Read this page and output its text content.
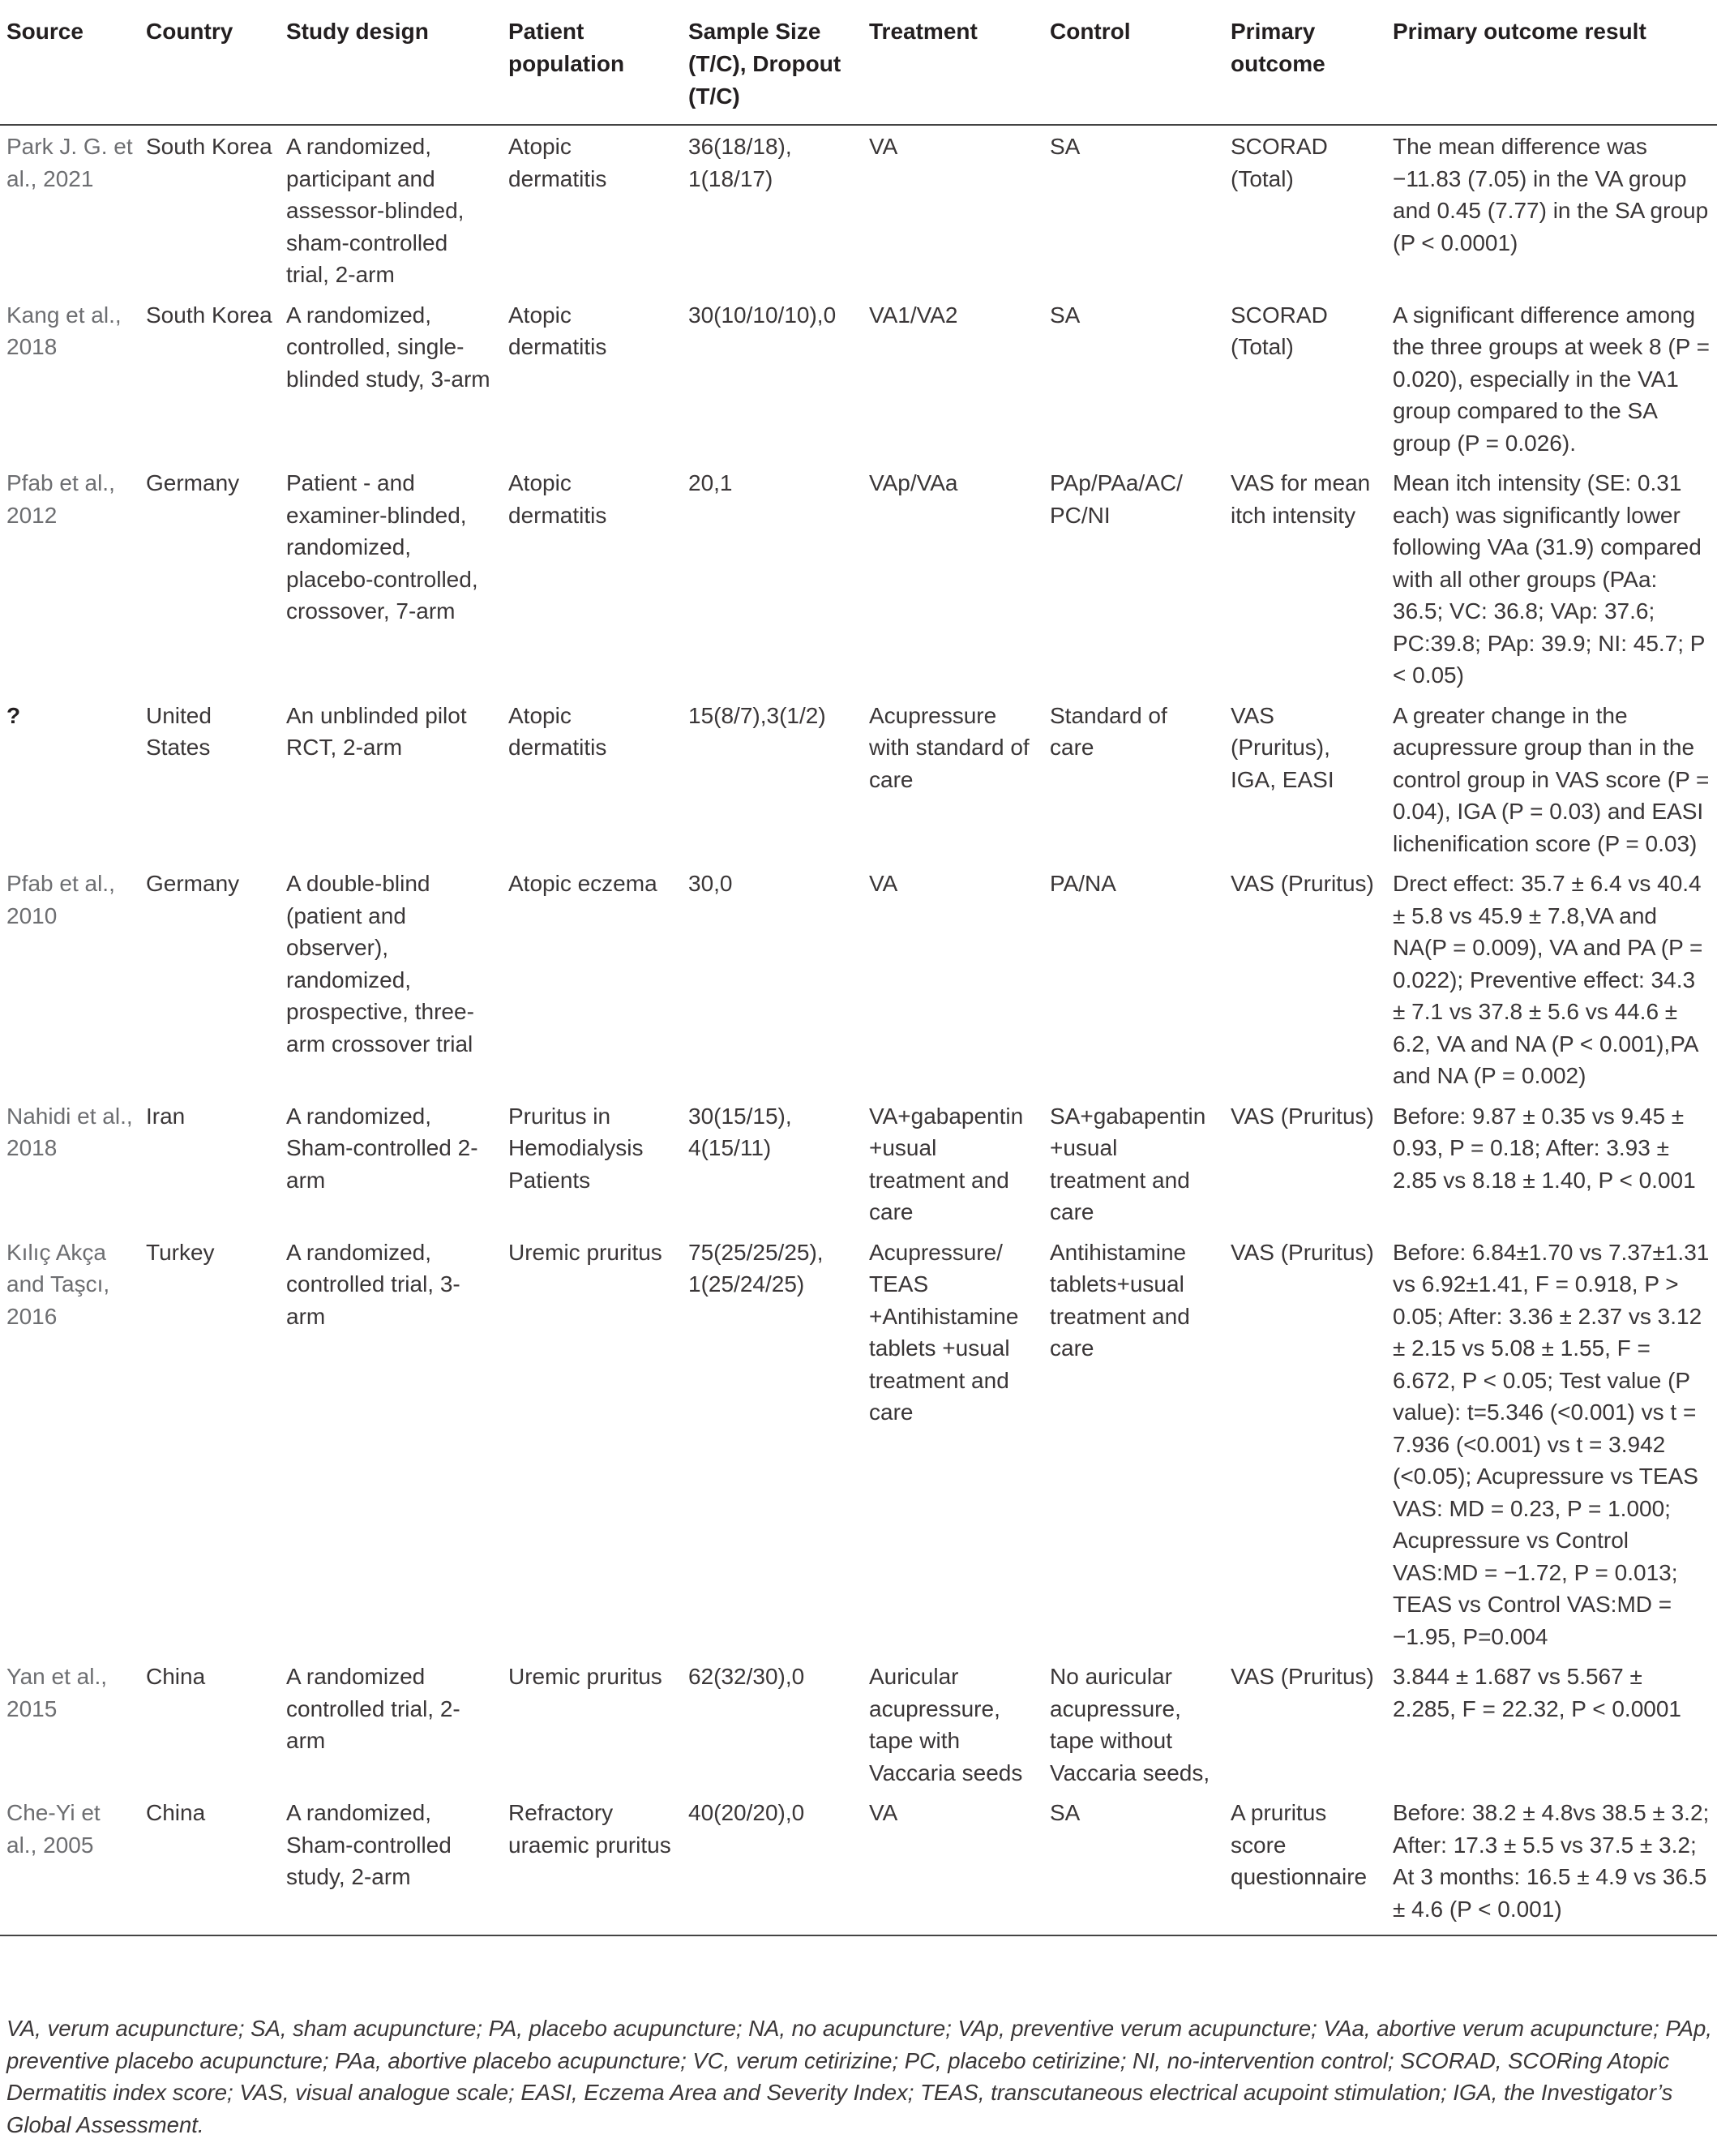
Source	Country	Study design	Patient population	Sample Size (T/C), Dropout (T/C)	Treatment	Control	Primary outcome	Primary outcome result
Park J. G. et al., 2021	South Korea	A randomized, participant and assessor-blinded, sham-controlled trial, 2-arm	Atopic dermatitis	36(18/18), 1(18/17)	VA	SA	SCORAD (Total)	The mean difference was −11.83 (7.05) in the VA group and 0.45 (7.77) in the SA group (P < 0.0001)
Kang et al., 2018	South Korea	A randomized, controlled, single-blinded study, 3-arm	Atopic dermatitis	30(10/10/10),0	VA1/VA2	SA	SCORAD (Total)	A significant difference among the three groups at week 8 (P = 0.020), especially in the VA1 group compared to the SA group (P = 0.026).
Pfab et al., 2012	Germany	Patient - and examiner-blinded, randomized, placebo-controlled, crossover, 7-arm	Atopic dermatitis	20,1	VAp/VAa	PAp/PAa/AC/ PC/NI	VAS for mean itch intensity	Mean itch intensity (SE: 0.31 each) was significantly lower following VAa (31.9) compared with all other groups (PAa: 36.5; VC: 36.8; VAp: 37.6; PC:39.8; PAp: 39.9; NI: 45.7; P < 0.05)
?	United States	An unblinded pilot RCT, 2-arm	Atopic dermatitis	15(8/7),3(1/2)	Acupressure with standard of care	Standard of care	VAS (Pruritus), IGA, EASI	A greater change in the acupressure group than in the control group in VAS score (P = 0.04), IGA (P = 0.03) and EASI lichenification score (P = 0.03)
Pfab et al., 2010	Germany	A double-blind (patient and observer), randomized, prospective, three-arm crossover trial	Atopic eczema	30,0	VA	PA/NA	VAS (Pruritus)	Drect effect: 35.7 ± 6.4 vs 40.4 ± 5.8 vs 45.9 ± 7.8,VA and NA(P = 0.009), VA and PA (P = 0.022); Preventive effect: 34.3 ± 7.1 vs 37.8 ± 5.6 vs 44.6 ± 6.2, VA and NA (P < 0.001),PA and NA (P = 0.002)
Nahidi et al., 2018	Iran	A randomized, Sham-controlled 2-arm	Pruritus in Hemodialysis Patients	30(15/15), 4(15/11)	VA+gabapentin +usual treatment and care	SA+gabapentin +usual treatment and care	VAS (Pruritus)	Before: 9.87 ± 0.35 vs 9.45 ± 0.93, P = 0.18; After: 3.93 ± 2.85 vs 8.18 ± 1.40, P < 0.001
Kılıç Akça and Taşcı, 2016	Turkey	A randomized, controlled trial, 3-arm	Uremic pruritus	75(25/25/25), 1(25/24/25)	Acupressure/ TEAS +Antihistamine tablets +usual treatment and care	Antihistamine tablets+usual treatment and care	VAS (Pruritus)	Before: 6.84±1.70 vs 7.37±1.31 vs 6.92±1.41, F = 0.918, P > 0.05; After: 3.36 ± 2.37 vs 3.12 ± 2.15 vs 5.08 ± 1.55, F = 6.672, P < 0.05; Test value (P value): t=5.346 (<0.001) vs t = 7.936 (<0.001) vs t = 3.942 (<0.05); Acupressure vs TEAS VAS: MD = 0.23, P = 1.000; Acupressure vs Control VAS:MD = −1.72, P = 0.013; TEAS vs Control VAS:MD = −1.95, P=0.004
Yan et al., 2015	China	A randomized controlled trial, 2-arm	Uremic pruritus	62(32/30),0	Auricular acupressure, tape with Vaccaria seeds	No auricular acupressure, tape without Vaccaria seeds,	VAS (Pruritus)	3.844 ± 1.687 vs 5.567 ± 2.285, F = 22.32, P < 0.0001
Che-Yi et al., 2005	China	A randomized, Sham-controlled study, 2-arm	Refractory uraemic pruritus	40(20/20),0	VA	SA	A pruritus score questionnaire	Before: 38.2 ± 4.8vs 38.5 ± 3.2; After: 17.3 ± 5.5 vs 37.5 ± 3.2; At 3 months: 16.5 ± 4.9 vs 36.5 ± 4.6 (P < 0.001)
VA, verum acupuncture; SA, sham acupuncture; PA, placebo acupuncture; NA, no acupuncture; VAp, preventive verum acupuncture; VAa, abortive verum acupuncture; PAp, preventive placebo acupuncture; PAa, abortive placebo acupuncture; VC, verum cetirizine; PC, placebo cetirizine; NI, no-intervention control; SCORAD, SCORing Atopic Dermatitis index score; VAS, visual analogue scale; EASI, Eczema Area and Severity Index; TEAS, transcutaneous electrical acupoint stimulation; IGA, the Investigator’s Global Assessment.
